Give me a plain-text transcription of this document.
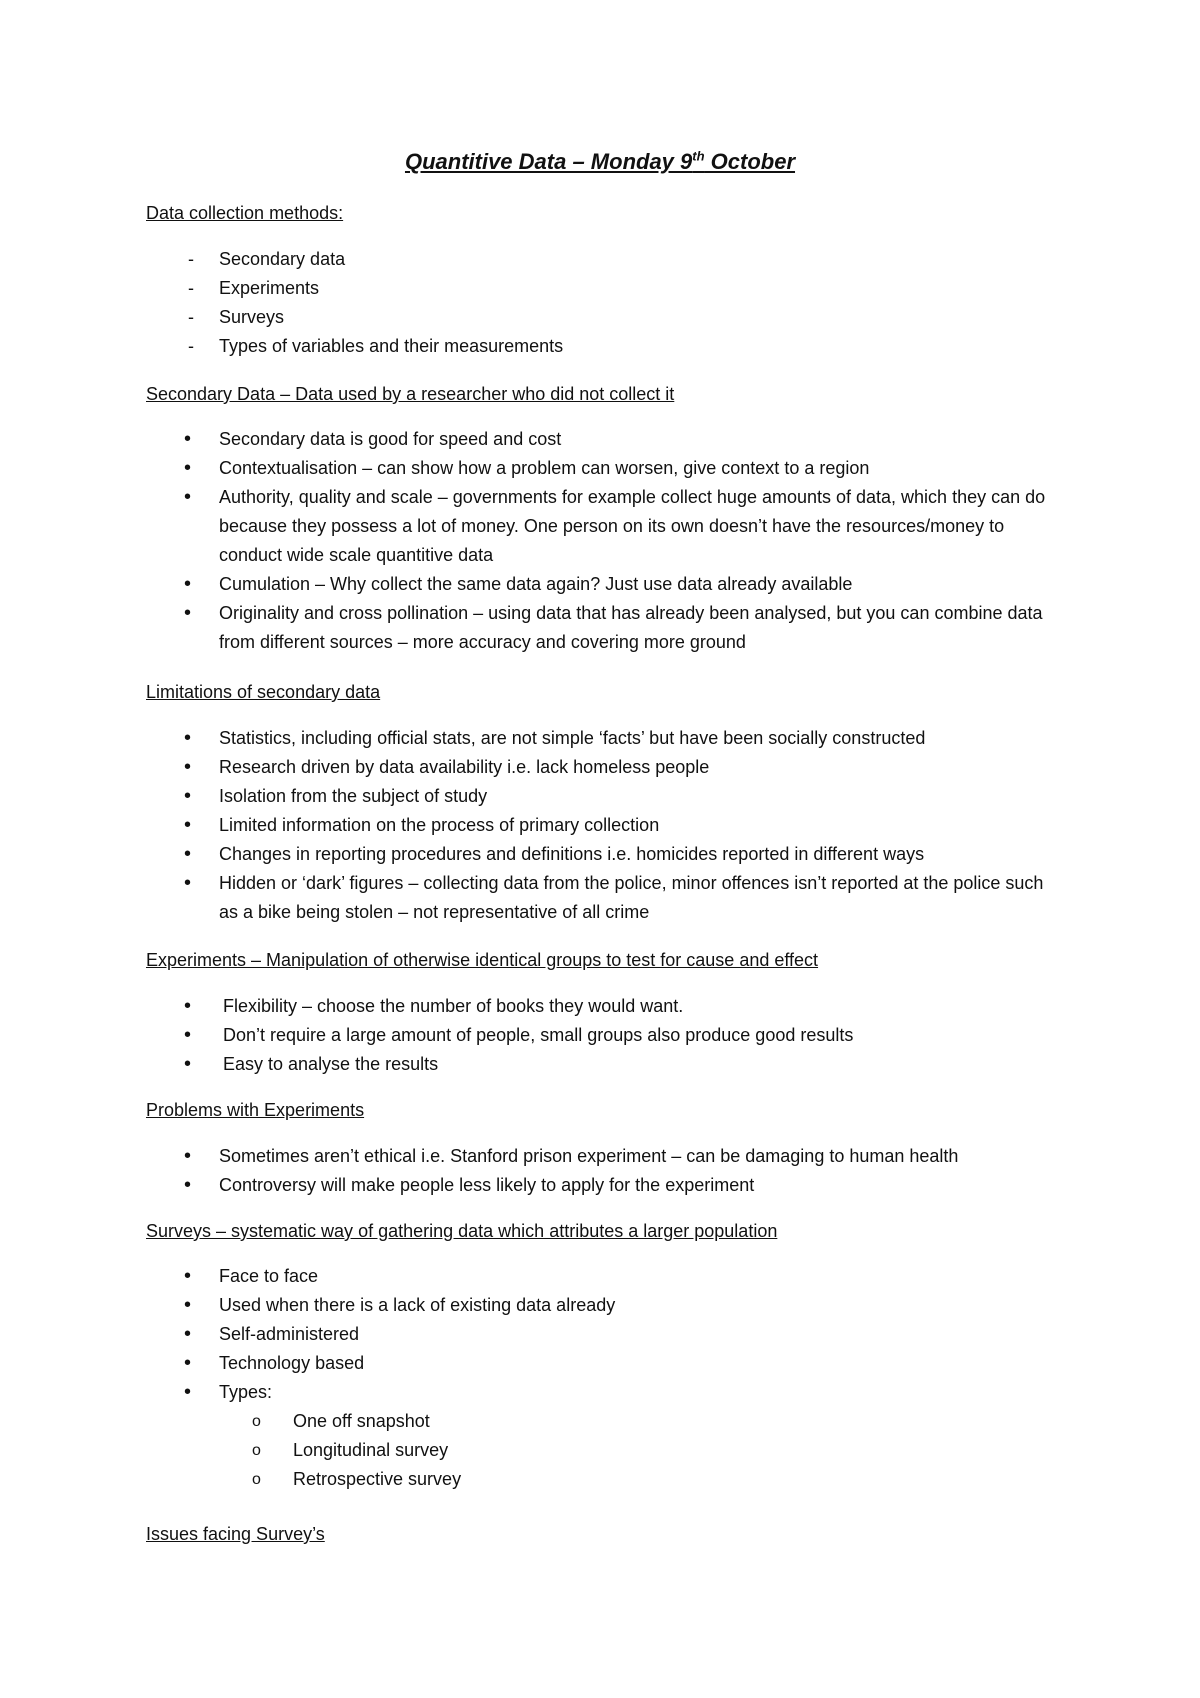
Quantitive Data – Monday 9th October
Data collection methods:
- Secondary data
- Experiments
- Surveys
- Types of variables and their measurements
Secondary Data – Data used by a researcher who did not collect it
• Secondary data is good for speed and cost
• Contextualisation – can show how a problem can worsen, give context to a region
• Authority, quality and scale – governments for example collect huge amounts of data, which they can do because they possess a lot of money. One person on its own doesn’t have the resources/money to conduct wide scale quantitive data
• Cumulation – Why collect the same data again? Just use data already available
• Originality and cross pollination – using data that has already been analysed, but you can combine data from different sources – more accuracy and covering more ground
Limitations of secondary data
• Statistics, including official stats, are not simple ‘facts’ but have been socially constructed
• Research driven by data availability i.e. lack homeless people
• Isolation from the subject of study
• Limited information on the process of primary collection
• Changes in reporting procedures and definitions i.e. homicides reported in different ways
• Hidden or ‘dark’ figures – collecting data from the police, minor offences isn’t reported at the police such as a bike being stolen – not representative of all crime
Experiments – Manipulation of otherwise identical groups to test for cause and effect
• Flexibility – choose the number of books they would want.
• Don’t require a large amount of people, small groups also produce good results
• Easy to analyse the results
Problems with Experiments
• Sometimes aren’t ethical i.e. Stanford prison experiment – can be damaging to human health
• Controversy will make people less likely to apply for the experiment
Surveys – systematic way of gathering data which attributes a larger population
• Face to face
• Used when there is a lack of existing data already
• Self-administered
• Technology based
• Types:
o One off snapshot
o Longitudinal survey
o Retrospective survey
Issues facing Survey’s
